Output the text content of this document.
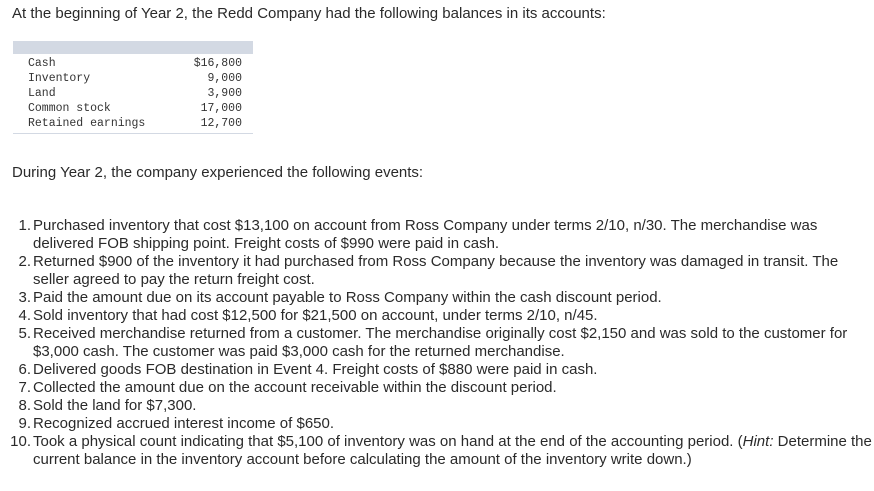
At the beginning of Year 2, the Redd Company had the following balances in its accounts:

Cash	$16,800
Inventory	9,000
Land	3,900
Common stock	17,000
Retained earnings	12,700

During Year 2, the company experienced the following events:

1. Purchased inventory that cost $13,100 on account from Ross Company under terms 2/10, n/30. The merchandise was delivered FOB shipping point. Freight costs of $990 were paid in cash.
2. Returned $900 of the inventory it had purchased from Ross Company because the inventory was damaged in transit. The seller agreed to pay the return freight cost.
3. Paid the amount due on its account payable to Ross Company within the cash discount period.
4. Sold inventory that had cost $12,500 for $21,500 on account, under terms 2/10, n/45.
5. Received merchandise returned from a customer. The merchandise originally cost $2,150 and was sold to the customer for $3,000 cash. The customer was paid $3,000 cash for the returned merchandise.
6. Delivered goods FOB destination in Event 4. Freight costs of $880 were paid in cash.
7. Collected the amount due on the account receivable within the discount period.
8. Sold the land for $7,300.
9. Recognized accrued interest income of $650.
10. Took a physical count indicating that $5,100 of inventory was on hand at the end of the accounting period. (Hint: Determine the current balance in the inventory account before calculating the amount of the inventory write down.)
